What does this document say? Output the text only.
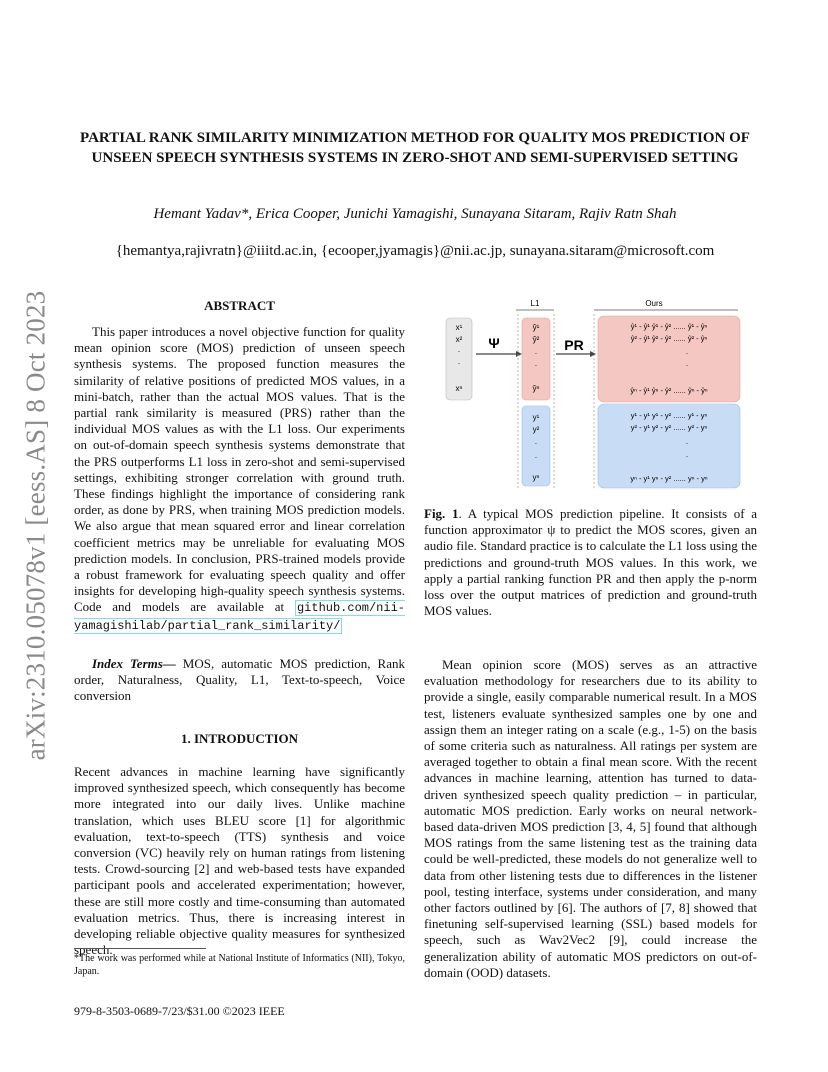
arXiv:2310.05078v1 [eess.AS] 8 Oct 2023
PARTIAL RANK SIMILARITY MINIMIZATION METHOD FOR QUALITY MOS PREDICTION OF UNSEEN SPEECH SYNTHESIS SYSTEMS IN ZERO-SHOT AND SEMI-SUPERVISED SETTING
Hemant Yadav*, Erica Cooper, Junichi Yamagishi, Sunayana Sitaram, Rajiv Ratn Shah
{hemantya,rajivratn}@iiitd.ac.in, {ecooper,jyamagis}@nii.ac.jp, sunayana.sitaram@microsoft.com
ABSTRACT

This paper introduces a novel objective function for quality mean opinion score (MOS) prediction of unseen speech synthesis systems. The proposed function measures the similarity of relative positions of predicted MOS values, in a mini-batch, rather than the actual MOS values. That is the partial rank similarity is measured (PRS) rather than the individual MOS values as with the L1 loss. Our experiments on out-of-domain speech synthesis systems demonstrate that the PRS outperforms L1 loss in zero-shot and semi-supervised settings, exhibiting stronger correlation with ground truth. These findings highlight the importance of considering rank order, as done by PRS, when training MOS prediction models. We also argue that mean squared error and linear correlation coefficient metrics may be unreliable for evaluating MOS prediction models. In conclusion, PRS-trained models provide a robust framework for evaluating speech quality and offer insights for developing high-quality speech synthesis systems. Code and models are available at github.com/nii-yamagishilab/partial_rank_similarity/

Index Terms— MOS, automatic MOS prediction, Rank order, Naturalness, Quality, L1, Text-to-speech, Voice conversion

1. INTRODUCTION

Recent advances in machine learning have significantly improved synthesized speech, which consequently has become more integrated into our daily lives. Unlike machine translation, which uses BLEU score [1] for algorithmic evaluation, text-to-speech (TTS) synthesis and voice conversion (VC) heavily rely on human ratings from listening tests. Crowd-sourcing [2] and web-based tests have expanded participant pools and accelerated experimentation; however, these are still more costly and time-consuming than automated evaluation metrics. Thus, there is increasing interest in developing reliable objective quality measures for synthesized speech.

*The work was performed while at National Institute of Informatics (NII), Tokyo, Japan.
979-8-3503-0689-7/23/$31.00 ©2023 IEEE
L1	Ours
x¹
x²
·
·
xⁿ
Ψ
ŷ¹
ŷ²
·
·
ŷⁿ
y¹
y²
·
·
yⁿ
PR
ŷ¹ - ŷ¹ ŷ¹ - ŷ² ...... ŷ¹ - ŷⁿ
ŷ² - ŷ¹ ŷ² - ŷ² ...... ŷ² - ŷⁿ
·
·
ŷⁿ - ŷ¹ ŷⁿ - ŷ² ...... ŷⁿ - ŷⁿ
y¹ - y¹ y¹ - y² ...... y¹ - yⁿ
y² - y¹ y² - y² ...... y² - yⁿ
·
·
yⁿ - y¹ yⁿ - y² ...... yⁿ - yⁿ

Fig. 1. A typical MOS prediction pipeline. It consists of a function approximator ψ to predict the MOS scores, given an audio file. Standard practice is to calculate the L1 loss using the predictions and ground-truth MOS values. In this work, we apply a partial ranking function PR and then apply the p-norm loss over the output matrices of prediction and ground-truth MOS values.

Mean opinion score (MOS) serves as an attractive evaluation methodology for researchers due to its ability to provide a single, easily comparable numerical result. In a MOS test, listeners evaluate synthesized samples one by one and assign them an integer rating on a scale (e.g., 1-5) on the basis of some criteria such as naturalness. All ratings per system are averaged together to obtain a final mean score. With the recent advances in machine learning, attention has turned to data-driven synthesized speech quality prediction – in particular, automatic MOS prediction. Early works on neural network-based data-driven MOS prediction [3, 4, 5] found that although MOS ratings from the same listening test as the training data could be well-predicted, these models do not generalize well to data from other listening tests due to differences in the listener pool, testing interface, systems under consideration, and many other factors outlined by [6]. The authors of [7, 8] showed that finetuning self-supervised learning (SSL) based models for speech, such as Wav2Vec2 [9], could increase the generalization ability of automatic MOS predictors on out-of-domain (OOD) datasets.
